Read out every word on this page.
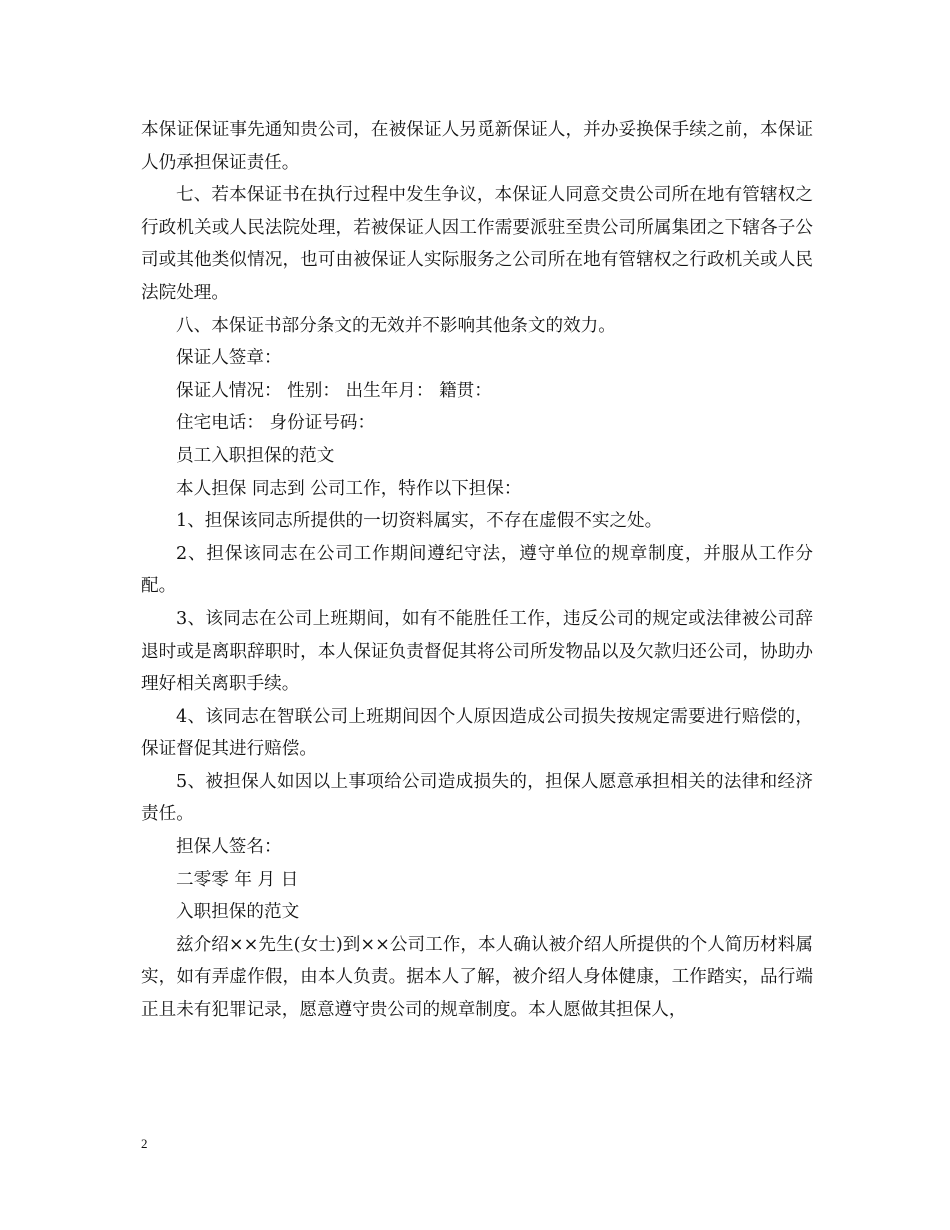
本保证保证事先通知贵公司，在被保证人另觅新保证人，并办妥换保手续之前，本保证人仍承担保证责任。

七、若本保证书在执行过程中发生争议，本保证人同意交贵公司所在地有管辖权之行政机关或人民法院处理，若被保证人因工作需要派驻至贵公司所属集团之下辖各子公司或其他类似情况，也可由被保证人实际服务之公司所在地有管辖权之行政机关或人民法院处理。

八、本保证书部分条文的无效并不影响其他条文的效力。

保证人签章：

保证人情况： 性别： 出生年月： 籍贯：

住宅电话： 身份证号码：

员工入职担保的范文

本人担保 同志到 公司工作，特作以下担保：

1、担保该同志所提供的一切资料属实，不存在虚假不实之处。

2、担保该同志在公司工作期间遵纪守法，遵守单位的规章制度，并服从工作分配。

3、该同志在公司上班期间，如有不能胜任工作，违反公司的规定或法律被公司辞退时或是离职辞职时，本人保证负责督促其将公司所发物品以及欠款归还公司，协助办理好相关离职手续。

4、该同志在智联公司上班期间因个人原因造成公司损失按规定需要进行赔偿的，保证督促其进行赔偿。

5、被担保人如因以上事项给公司造成损失的，担保人愿意承担相关的法律和经济责任。

担保人签名：

二零零 年 月 日

入职担保的范文

兹介绍××先生(女士)到××公司工作，本人确认被介绍人所提供的个人简历材料属实，如有弄虚作假，由本人负责。据本人了解，被介绍人身体健康，工作踏实，品行端正且未有犯罪记录，愿意遵守贵公司的规章制度。本人愿做其担保人，

2
